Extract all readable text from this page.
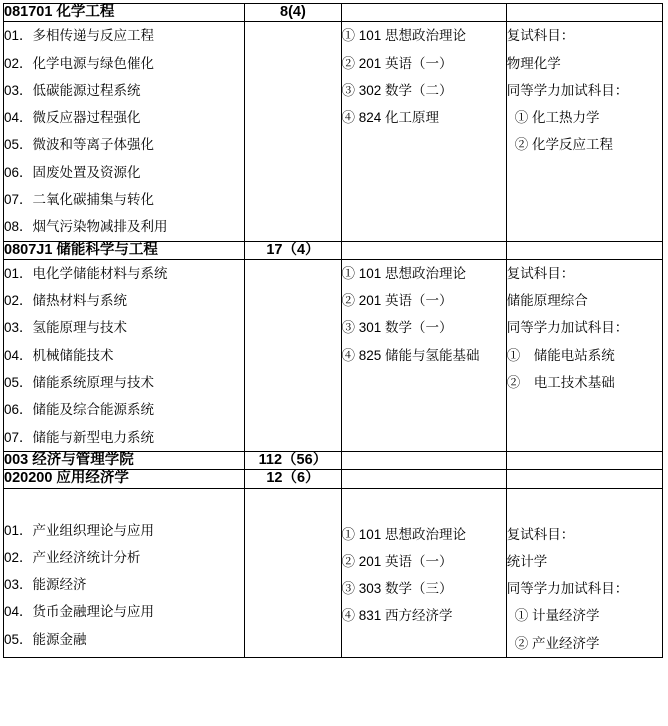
081701 化学工程	8(4)		

01．多相传递与反应工程
02．化学电源与绿色催化
03．低碳能源过程系统
04．微反应器过程强化
05．微波和等离子体强化
06．固废处置及资源化
07．二氧化碳捕集与转化
08．烟气污染物减排及利用

① 101 思想政治理论
② 201 英语（一）
③ 302 数学（二）
④ 824 化工原理

复试科目：
物理化学
同等学力加试科目：
① 化工热力学
② 化学反应工程

0807J1 储能科学与工程	17（4）		

01．电化学储能材料与系统
02．储热材料与系统
03．氢能原理与技术
04．机械储能技术
05．储能系统原理与技术
06．储能及综合能源系统
07．储能与新型电力系统

① 101 思想政治理论
② 201 英语（一）
③ 301 数学（一）
④ 825 储能与氢能基础

复试科目：
储能原理综合
同等学力加试科目：
①　储能电站系统
②　电工技术基础

003 经济与管理学院	112（56）		
020200 应用经济学	12（6）		

01．产业组织理论与应用
02．产业经济统计分析
03．能源经济
04．货币金融理论与应用
05．能源金融

① 101 思想政治理论
② 201 英语（一）
③ 303 数学（三）
④ 831 西方经济学

复试科目：
统计学
同等学力加试科目：
① 计量经济学
② 产业经济学
